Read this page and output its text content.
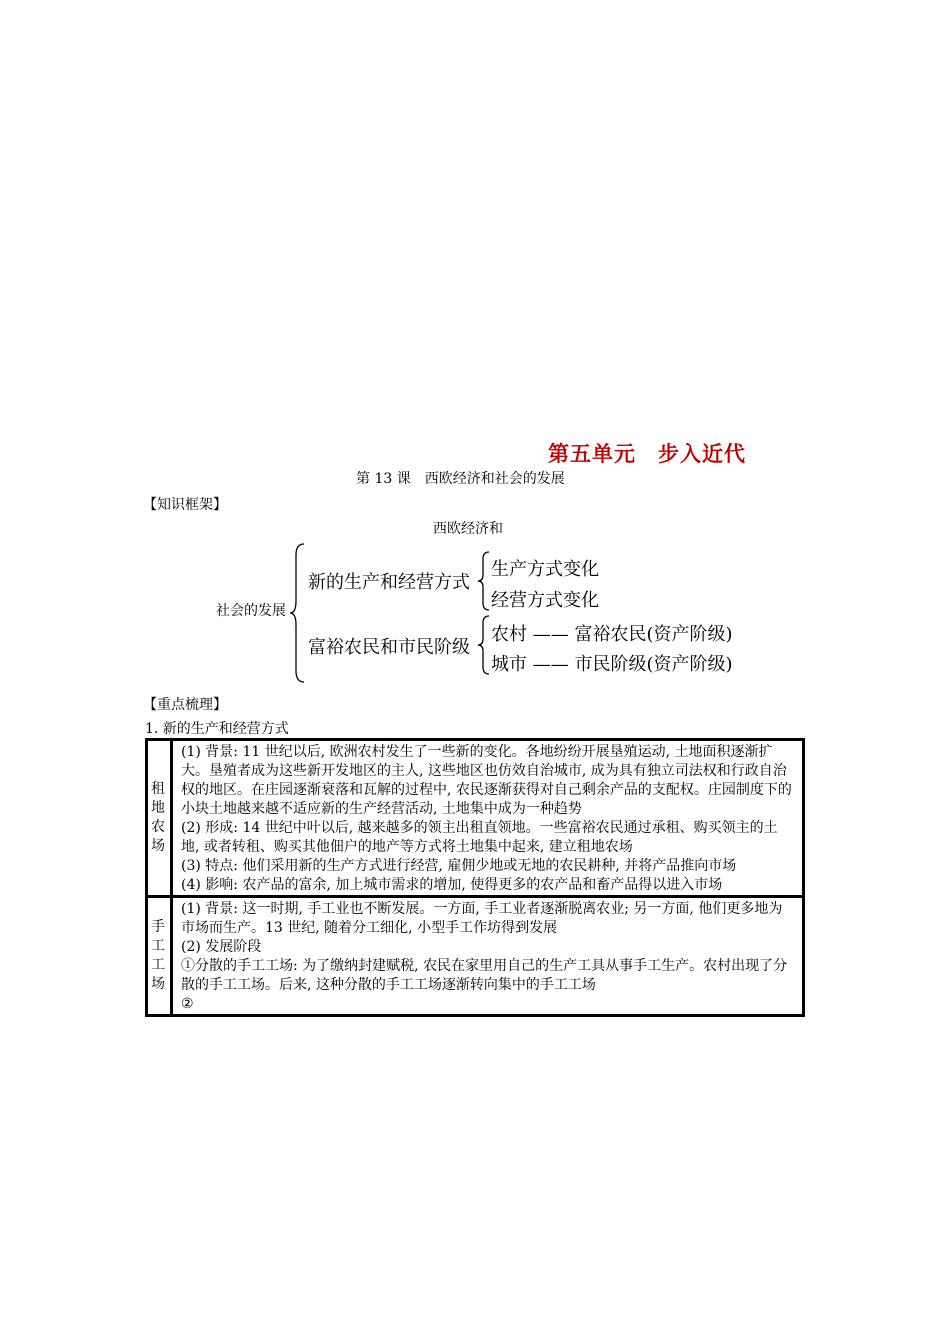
第五单元　步入近代
第 13 课　西欧经济和社会的发展
【知识框架】
西欧经济和
社会的发展
新的生产和经营方式
生产方式变化
经营方式变化
富裕农民和市民阶级
农村 —— 富裕农民(资产阶级)
城市 —— 市民阶级(资产阶级)
【重点梳理】
1. 新的生产和经营方式
租地农场	(1) 背景: 11 世纪以后, 欧洲农村发生了一些新的变化。各地纷纷开展垦殖运动, 土地面积逐渐扩大。垦殖者成为这些新开发地区的主人, 这些地区也仿效自治城市, 成为具有独立司法权和行政自治权的地区。在庄园逐渐衰落和瓦解的过程中, 农民逐渐获得对自己剩余产品的支配权。庄园制度下的小块土地越来越不适应新的生产经营活动, 土地集中成为一种趋势
(2) 形成: 14 世纪中叶以后, 越来越多的领主出租直领地。一些富裕农民通过承租、购买领主的土地, 或者转租、购买其他佃户的地产等方式将土地集中起来, 建立租地农场
(3) 特点: 他们采用新的生产方式进行经营, 雇佣少地或无地的农民耕种, 并将产品推向市场
(4) 影响: 农产品的富余, 加上城市需求的增加, 使得更多的农产品和畜产品得以进入市场

手工工场	(1) 背景: 这一时期, 手工业也不断发展。一方面, 手工业者逐渐脱离农业; 另一方面, 他们更多地为市场而生产。13 世纪, 随着分工细化, 小型手工作坊得到发展
(2) 发展阶段
①分散的手工工场: 为了缴纳封建赋税, 农民在家里用自己的生产工具从事手工生产。农村出现了分散的手工工场。后来, 这种分散的手工工场逐渐转向集中的手工工场
②
